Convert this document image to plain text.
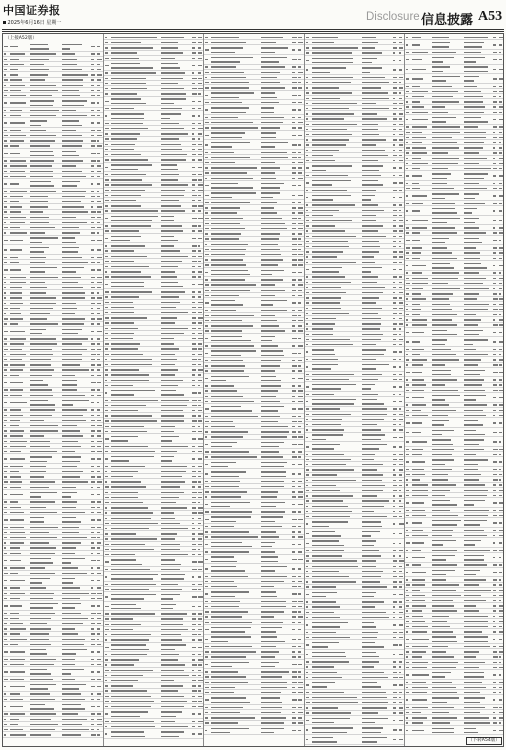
中国证券报
2025年6月16日 星期一	Disclosure 信息披露 A53
（上接A52版）
（下转A54版）
